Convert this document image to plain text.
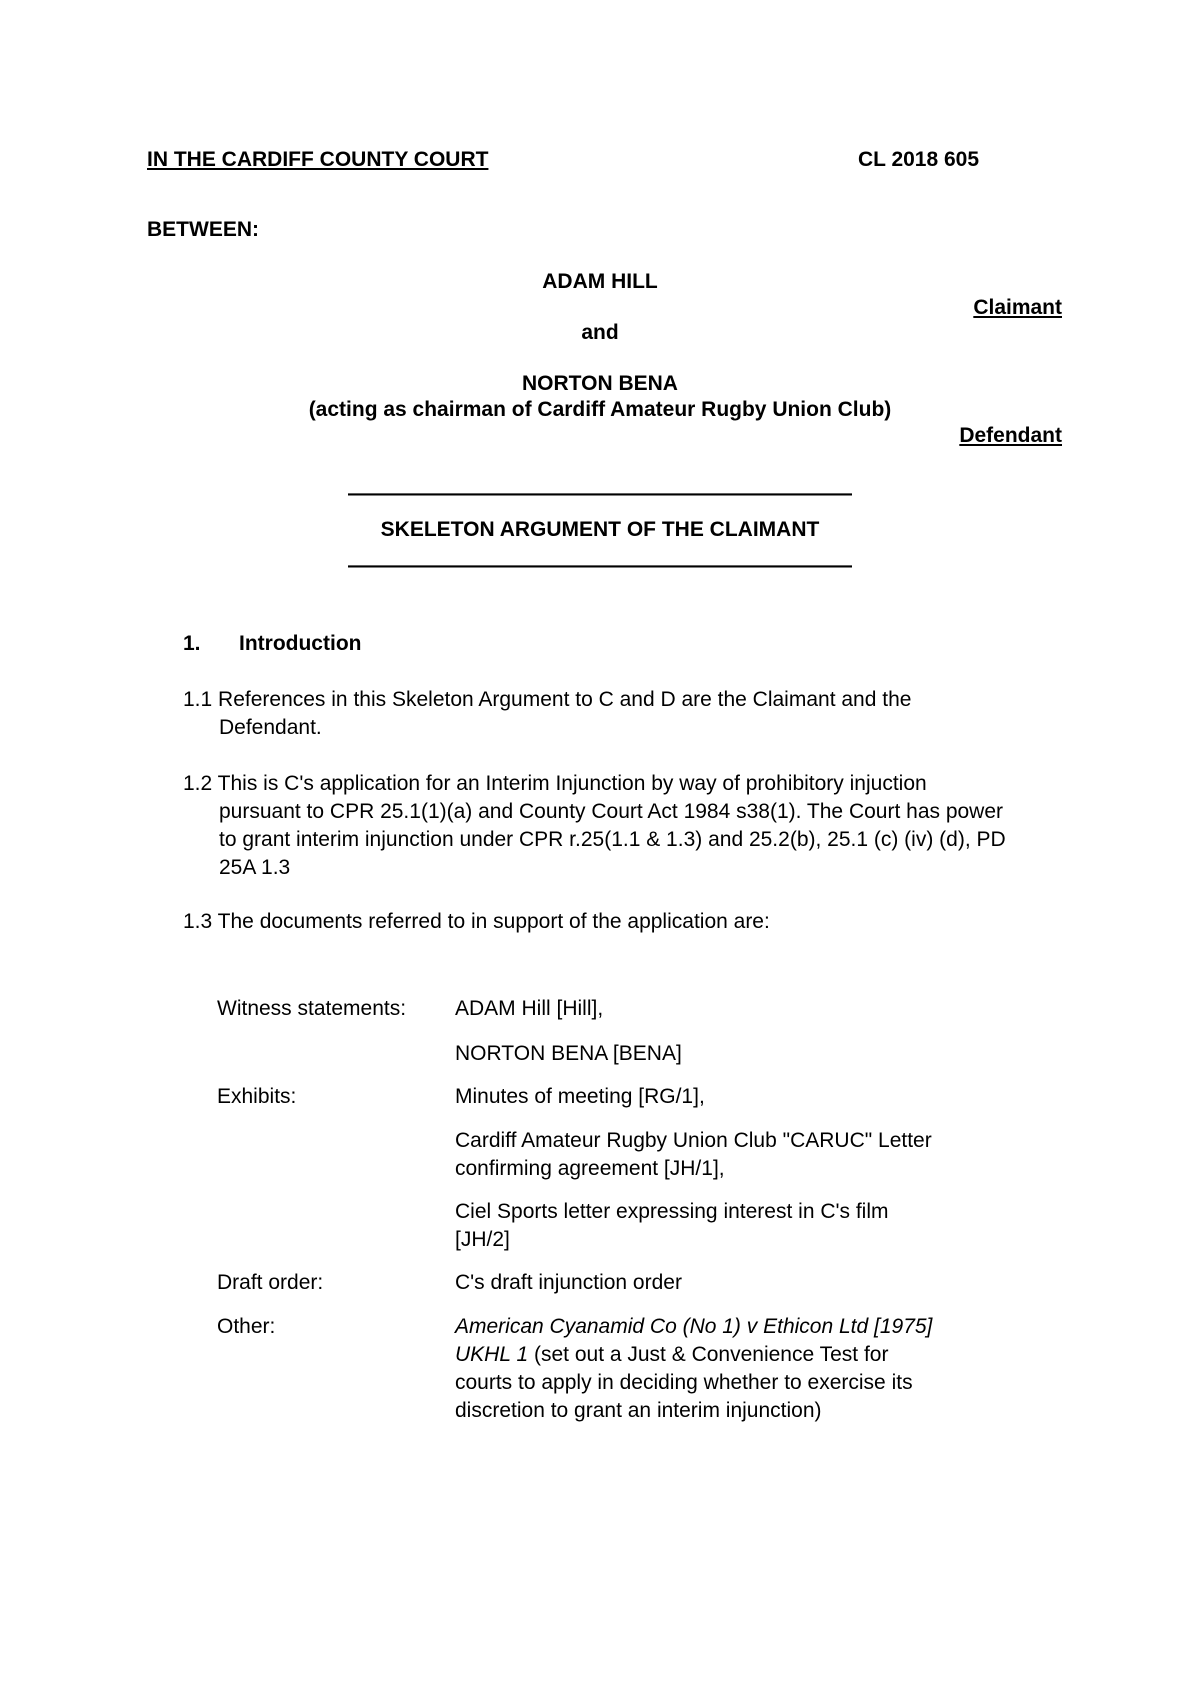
IN THE CARDIFF COUNTY COURT	CL 2018 605
BETWEEN:
ADAM HILL
Claimant
and
NORTON BENA
(acting as chairman of Cardiff Amateur Rugby Union Club)
Defendant
————————————————————————
SKELETON ARGUMENT OF THE CLAIMANT
————————————————————————
1. Introduction
1.1 References in this Skeleton Argument to C and D are the Claimant and the
Defendant.
1.2 This is C's application for an Interim Injunction by way of prohibitory injuction
pursuant to CPR 25.1(1)(a) and County Court Act 1984 s38(1). The Court has power
to grant interim injunction under CPR r.25(1.1 & 1.3) and 25.2(b), 25.1 (c) (iv) (d), PD
25A 1.3
1.3 The documents referred to in support of the application are:
Witness statements: ADAM Hill [Hill],
NORTON BENA [BENA]
Exhibits:	Minutes of meeting [RG/1],
Cardiff Amateur Rugby Union Club "CARUC" Letter
confirming agreement [JH/1],
Ciel Sports letter expressing interest in C's film
[JH/2]
Draft order:	C's draft injunction order
Other:	American Cyanamid Co (No 1) v Ethicon Ltd [1975]
UKHL 1 (set out a Just & Convenience Test for
courts to apply in deciding whether to exercise its
discretion to grant an interim injunction)
